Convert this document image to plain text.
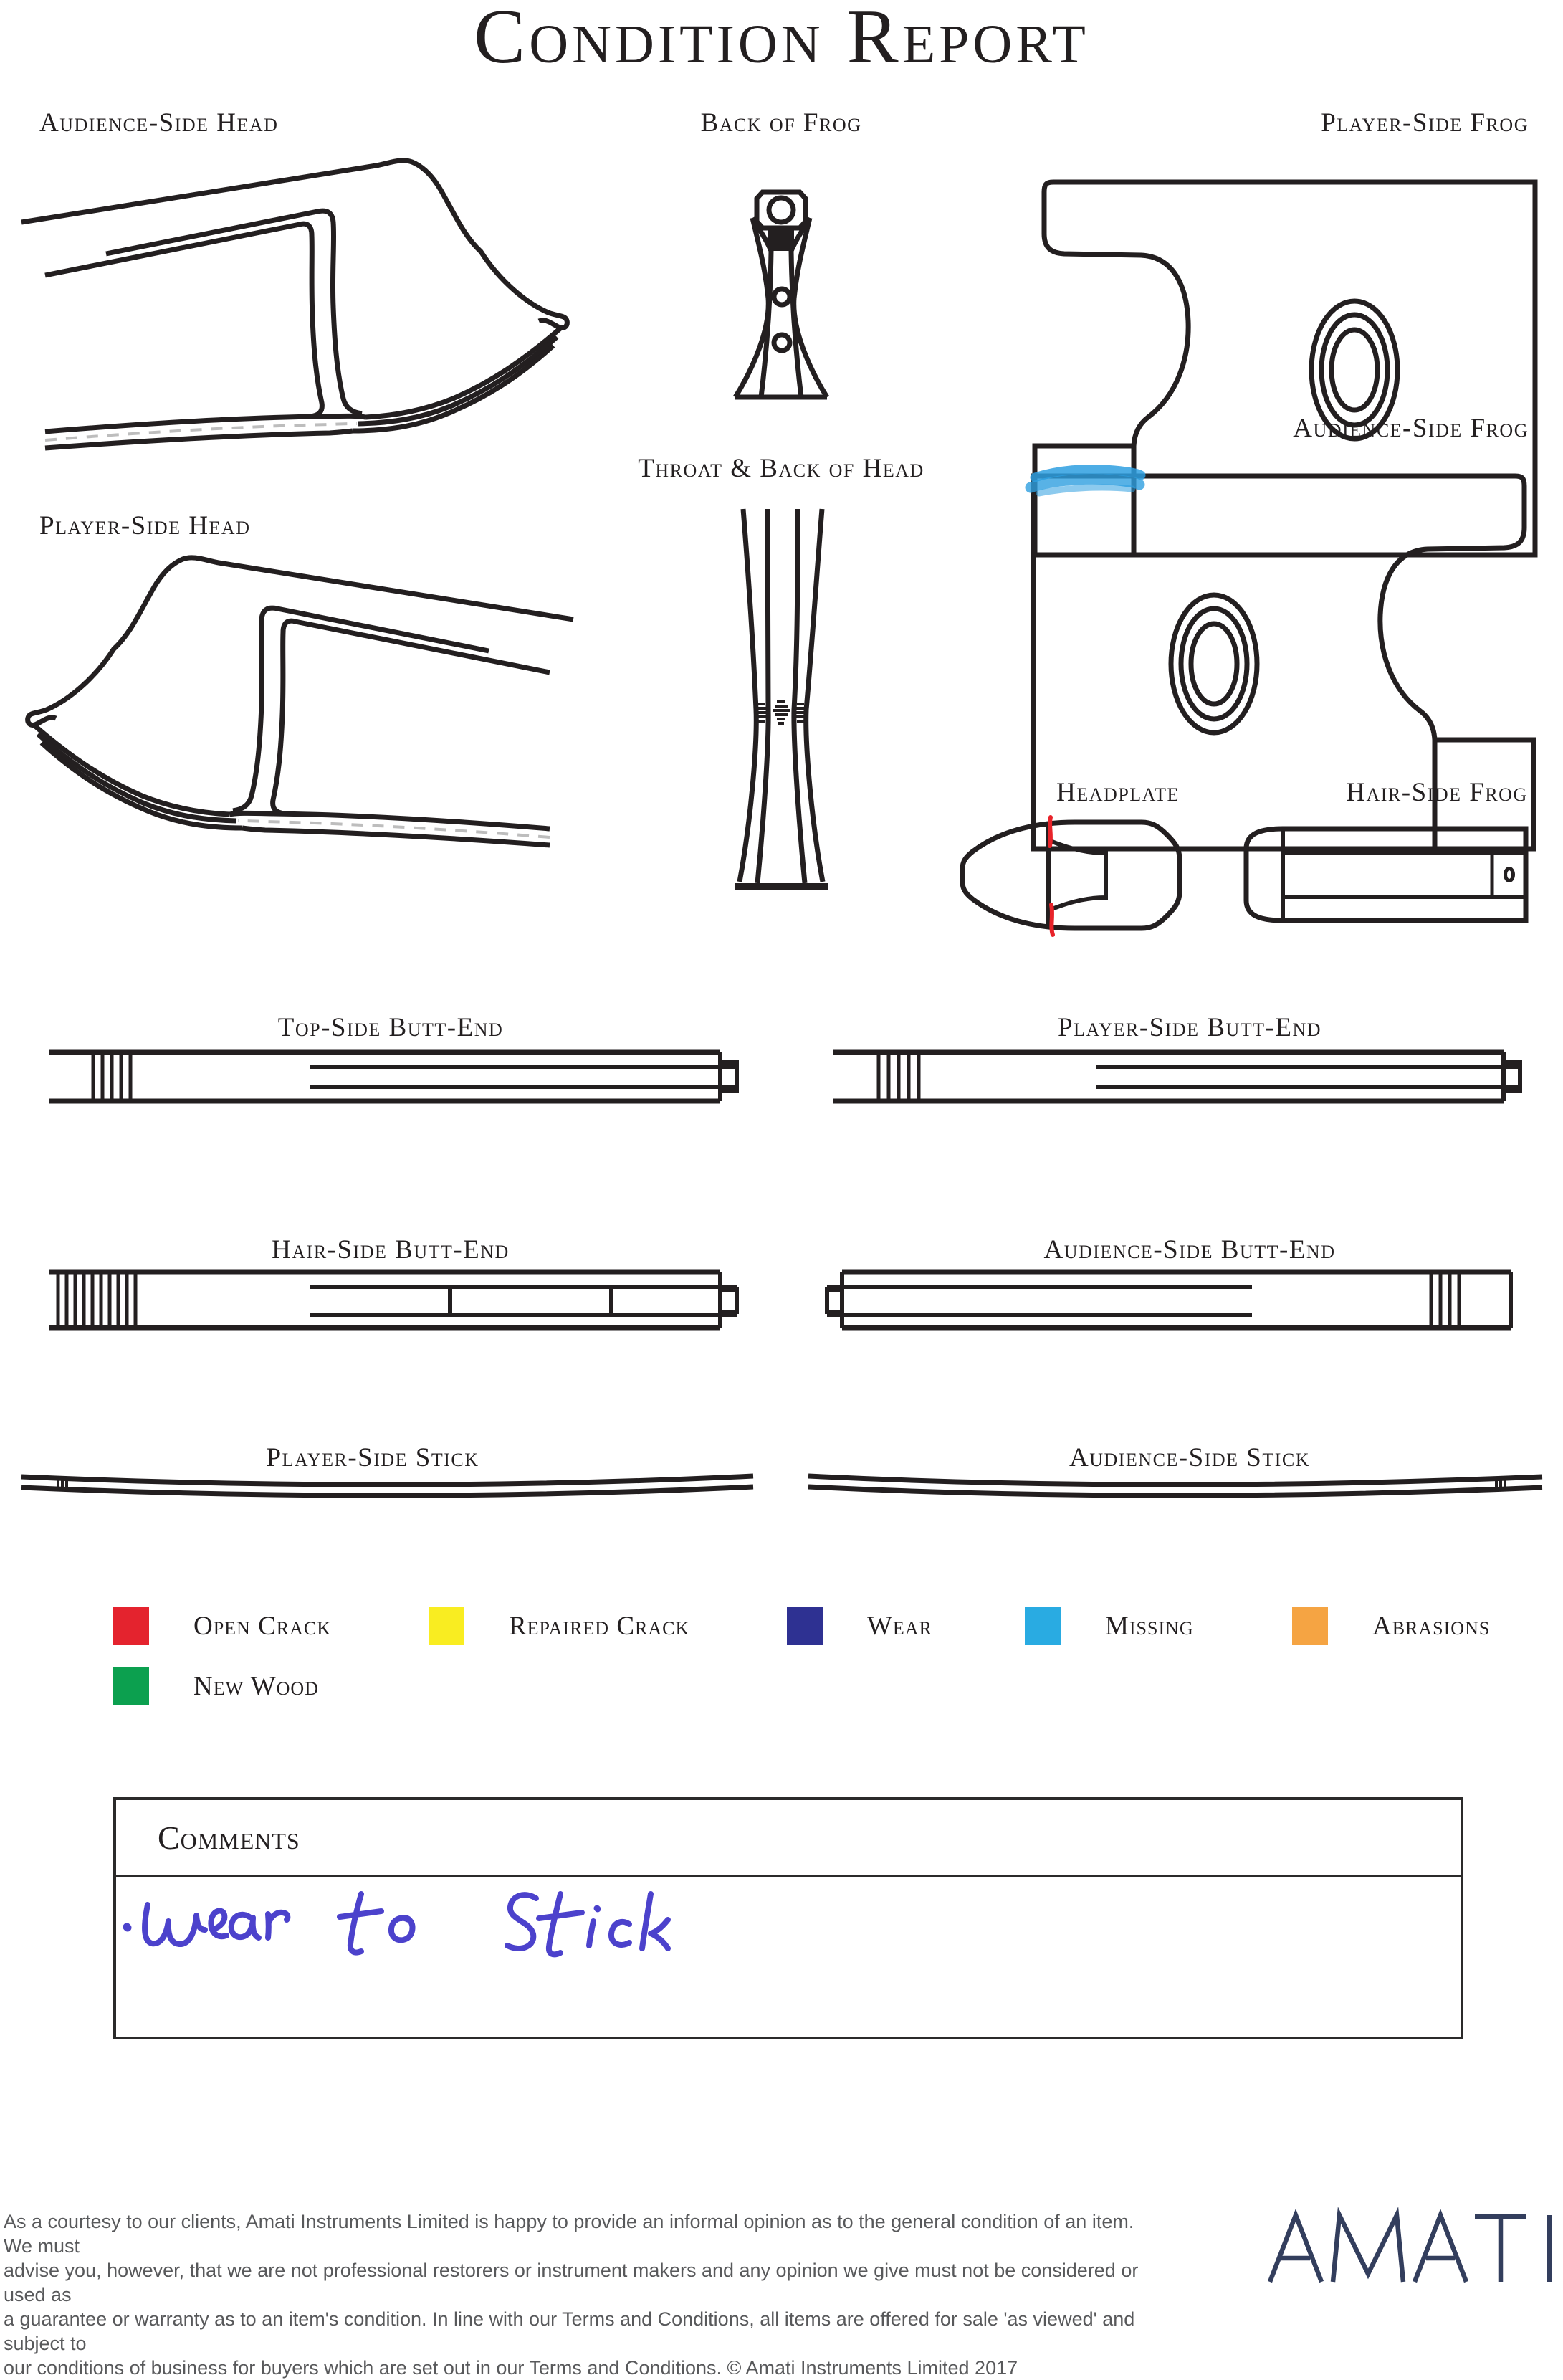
Condition Report
Audience-Side Head	Back of Frog	Player-Side Frog
Audience-Side Frog
Player-Side Head
Throat & Back of Head
Headplate	Hair-Side Frog
Top-Side Butt-End	Player-Side Butt-End
Hair-Side Butt-End	Audience-Side Butt-End
Player-Side Stick	Audience-Side Stick
Open Crack	Repaired Crack	Wear	Missing	Abrasions
New Wood
Comments
As a courtesy to our clients, Amati Instruments Limited is happy to provide an informal opinion as to the general condition of an item. We must
advise you, however, that we are not professional restorers or instrument makers and any opinion we give must not be considered or used as
a guarantee or warranty as to an item's condition. In line with our Terms and Conditions, all items are offered for sale 'as viewed' and subject to
our conditions of business for buyers which are set out in our Terms and Conditions. © Amati Instruments Limited 2017
